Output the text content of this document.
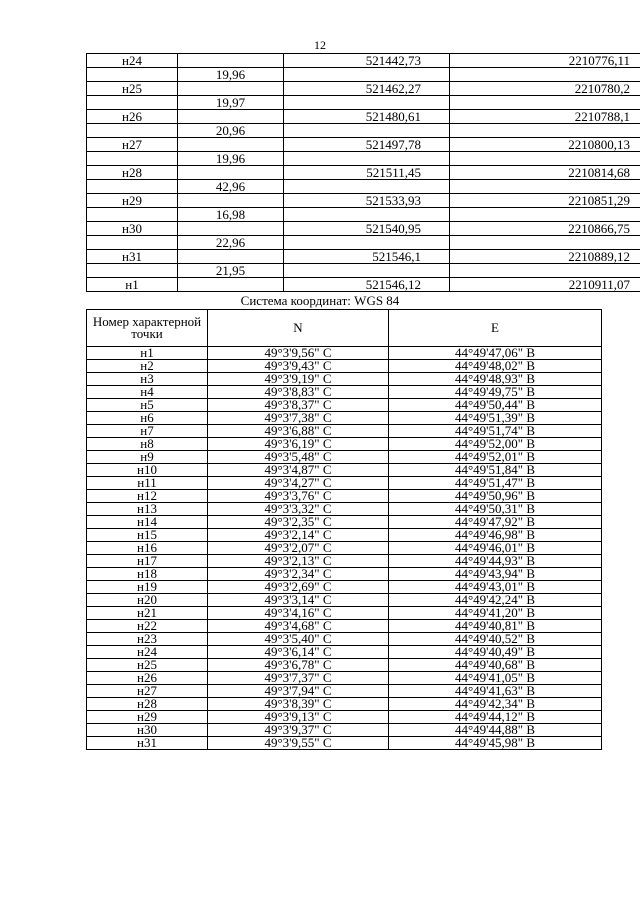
12
н24		521442,73	2210776,11
	19,96		
н25		521462,27	2210780,2
	19,97		
н26		521480,61	2210788,1
	20,96		
н27		521497,78	2210800,13
	19,96		
н28		521511,45	2210814,68
	42,96		
н29		521533,93	2210851,29
	16,98		
н30		521540,95	2210866,75
	22,96		
н31		521546,1	2210889,12
	21,95		
н1		521546,12	2210911,07
Система координат: WGS 84
Номер характерной точки	N	E
н1	49°3'9,56" С	44°49'47,06" В
н2	49°3'9,43" С	44°49'48,02" В
н3	49°3'9,19" С	44°49'48,93" В
н4	49°3'8,83" С	44°49'49,75" В
н5	49°3'8,37" С	44°49'50,44" В
н6	49°3'7,38" С	44°49'51,39" В
н7	49°3'6,88" С	44°49'51,74" В
н8	49°3'6,19" С	44°49'52,00" В
н9	49°3'5,48" С	44°49'52,01" В
н10	49°3'4,87" С	44°49'51,84" В
н11	49°3'4,27" С	44°49'51,47" В
н12	49°3'3,76" С	44°49'50,96" В
н13	49°3'3,32" С	44°49'50,31" В
н14	49°3'2,35" С	44°49'47,92" В
н15	49°3'2,14" С	44°49'46,98" В
н16	49°3'2,07" С	44°49'46,01" В
н17	49°3'2,13" С	44°49'44,93" В
н18	49°3'2,34" С	44°49'43,94" В
н19	49°3'2,69" С	44°49'43,01" В
н20	49°3'3,14" С	44°49'42,24" В
н21	49°3'4,16" С	44°49'41,20" В
н22	49°3'4,68" С	44°49'40,81" В
н23	49°3'5,40" С	44°49'40,52" В
н24	49°3'6,14" С	44°49'40,49" В
н25	49°3'6,78" С	44°49'40,68" В
н26	49°3'7,37" С	44°49'41,05" В
н27	49°3'7,94" С	44°49'41,63" В
н28	49°3'8,39" С	44°49'42,34" В
н29	49°3'9,13" С	44°49'44,12" В
н30	49°3'9,37" С	44°49'44,88" В
н31	49°3'9,55" С	44°49'45,98" В
